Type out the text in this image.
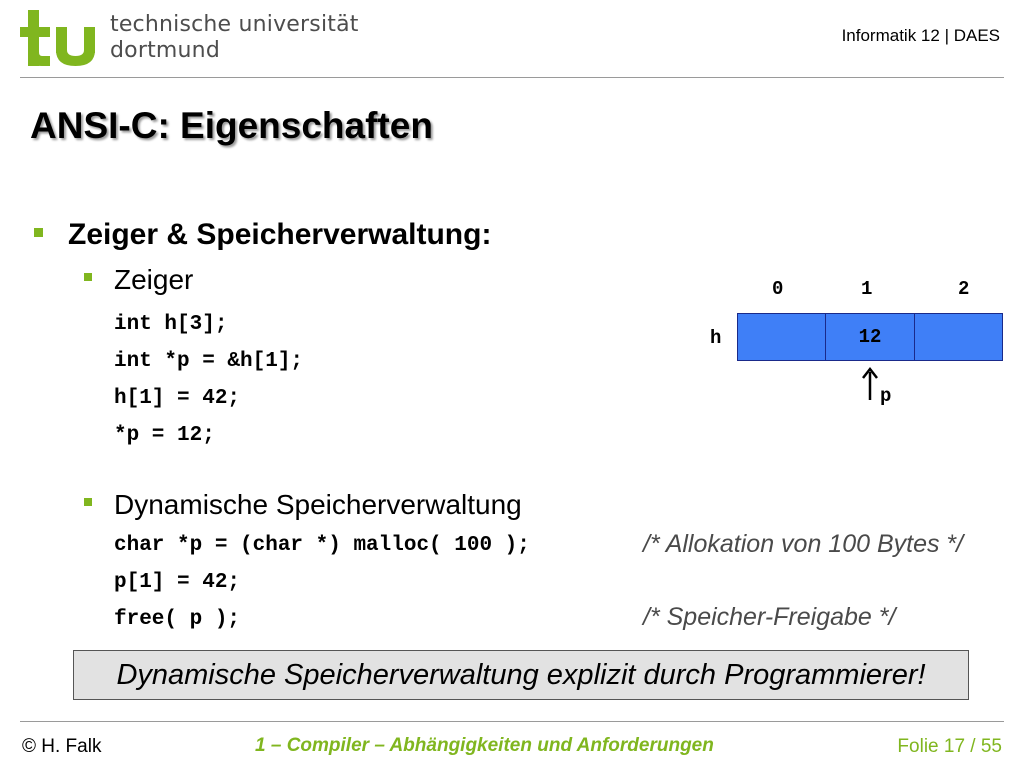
technische universität
dortmund
Informatik 12 | DAES
ANSI-C: Eigenschaften
Zeiger & Speicherverwaltung:
Zeiger
int h[3];
int *p = &h[1];
h[1] = 42;
*p = 12;
0	1	2
h	12
p
Dynamische Speicherverwaltung
char *p = (char *) malloc( 100 );
p[1] = 42;
free( p );
/* Allokation von 100 Bytes */
/* Speicher-Freigabe */
Dynamische Speicherverwaltung explizit durch Programmierer!
© H. Falk	1 – Compiler – Abhängigkeiten und Anforderungen	Folie 17 / 55
